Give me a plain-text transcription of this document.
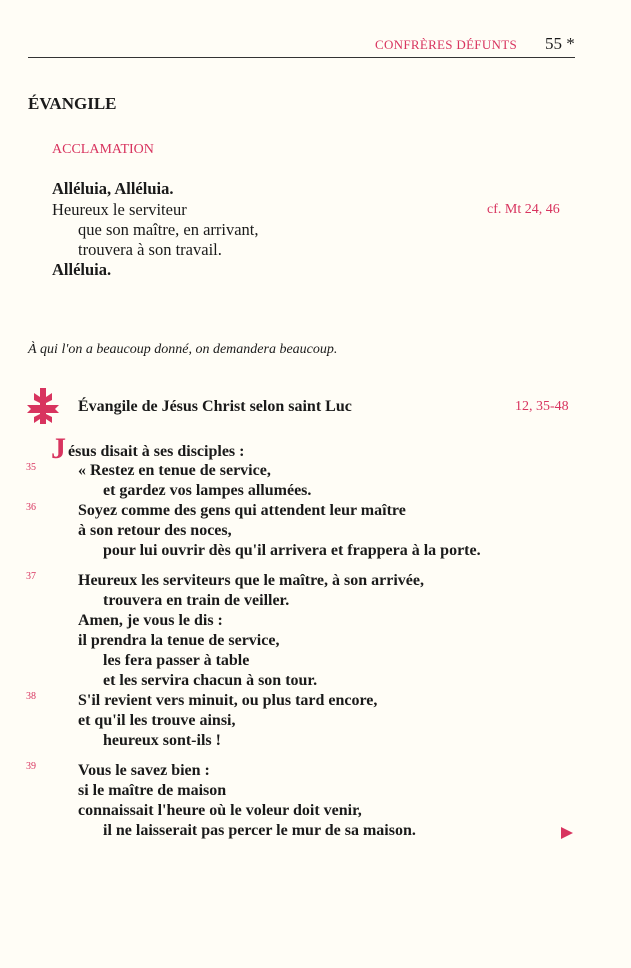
CONFRÈRES DÉFUNTS 55 *
ÉVANGILE
ACCLAMATION
Alléluia, Alléluia.
Heureux le serviteur	cf. Mt 24, 46
que son maître, en arrivant,
trouvera à son travail.
Alléluia.
À qui l'on a beaucoup donné, on demandera beaucoup.
Évangile de Jésus Christ selon saint Luc	12, 35-48
J ésus disait à ses disciples :
35	« Restez en tenue de service,
et gardez vos lampes allumées.
36	Soyez comme des gens qui attendent leur maître
à son retour des noces,
pour lui ouvrir dès qu'il arrivera et frappera à la porte.
37	Heureux les serviteurs que le maître, à son arrivée,
trouvera en train de veiller.
Amen, je vous le dis :
il prendra la tenue de service,
les fera passer à table
et les servira chacun à son tour.
38	S'il revient vers minuit, ou plus tard encore,
et qu'il les trouve ainsi,
heureux sont-ils !
39	Vous le savez bien :
si le maître de maison
connaissait l'heure où le voleur doit venir,
il ne laisserait pas percer le mur de sa maison.
